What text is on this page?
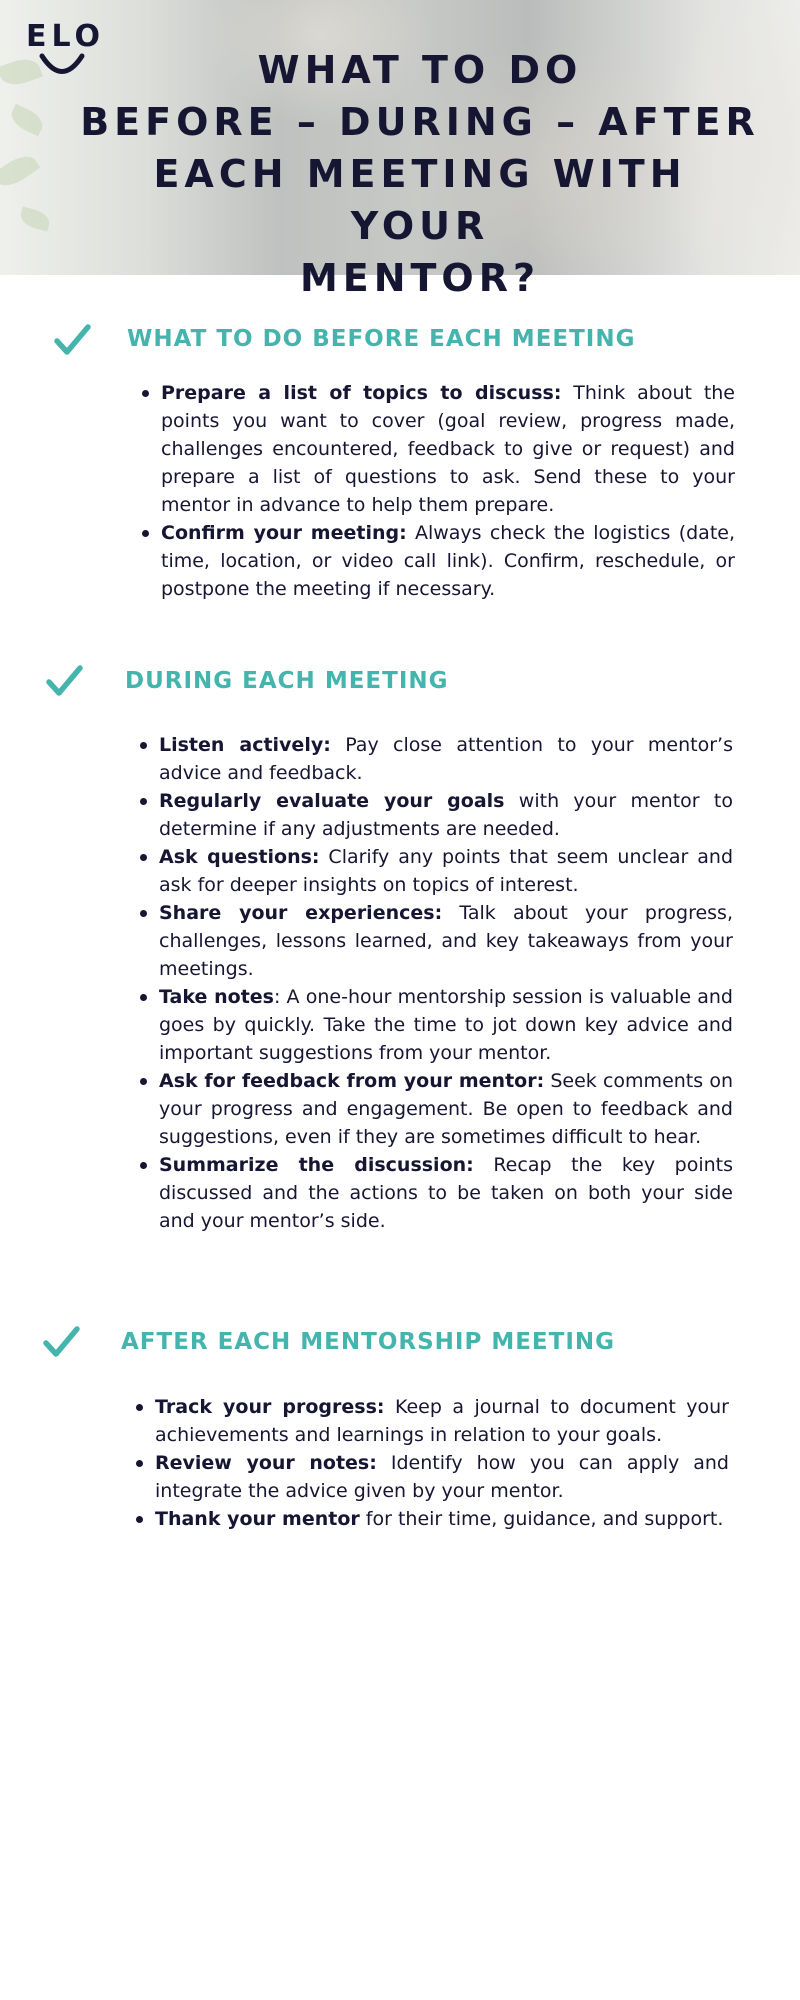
ELO
WHAT TO DO
BEFORE – DURING – AFTER
EACH MEETING WITH YOUR
MENTOR?
WHAT TO DO BEFORE EACH MEETING
Prepare a list of topics to discuss: Think about the points you want to cover (goal review, progress made, challenges encountered, feedback to give or request) and prepare a list of questions to ask. Send these to your mentor in advance to help them prepare.
Confirm your meeting: Always check the logistics (date, time, location, or video call link). Confirm, reschedule, or postpone the meeting if necessary.
DURING EACH MEETING
Listen actively: Pay close attention to your mentor’s advice and feedback.
Regularly evaluate your goals with your mentor to determine if any adjustments are needed.
Ask questions: Clarify any points that seem unclear and ask for deeper insights on topics of interest.
Share your experiences: Talk about your progress, challenges, lessons learned, and key takeaways from your meetings.
Take notes: A one-hour mentorship session is valuable and goes by quickly. Take the time to jot down key advice and important suggestions from your mentor.
Ask for feedback from your mentor: Seek comments on your progress and engagement. Be open to feedback and suggestions, even if they are sometimes difficult to hear.
Summarize the discussion: Recap the key points discussed and the actions to be taken on both your side and your mentor’s side.
AFTER EACH MENTORSHIP MEETING
Track your progress: Keep a journal to document your achievements and learnings in relation to your goals.
Review your notes: Identify how you can apply and integrate the advice given by your mentor.
Thank your mentor for their time, guidance, and support.
